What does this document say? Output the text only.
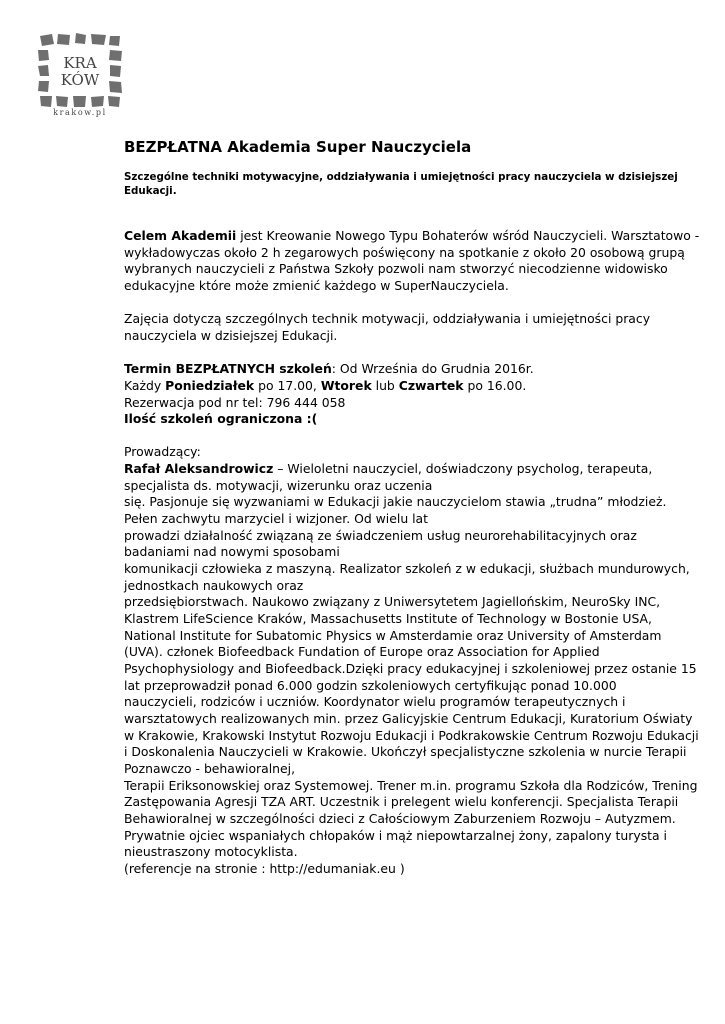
KRA
KÓW
krakow.pl
BEZPŁATNA Akademia Super Nauczyciela

Szczególne techniki motywacyjne, oddziaływania i umiejętności pracy nauczyciela w dzisiejszej Edukacji.

Celem Akademii jest Kreowanie Nowego Typu Bohaterów wśród Nauczycieli. Warsztatowo - wykładowyczas około 2 h zegarowych poświęcony na spotkanie z około 20 osobową grupą wybranych nauczycieli z Państwa Szkoły pozwoli nam stworzyć niecodzienne widowisko edukacyjne które może zmienić każdego w SuperNauczyciela.

Zajęcia dotyczą szczególnych technik motywacji, oddziaływania i umiejętności pracy nauczyciela w dzisiejszej Edukacji.

Termin BEZPŁATNYCH szkoleń: Od Września do Grudnia 2016r.

Każdy Poniedziałek po 17.00, Wtorek lub Czwartek po 16.00.

Rezerwacja pod nr tel: 796 444 058

Ilość szkoleń ograniczona :(

Prowadzący:

Rafał Aleksandrowicz – Wieloletni nauczyciel, doświadczony psycholog, terapeuta, specjalista ds. motywacji, wizerunku oraz uczenia

się. Pasjonuje się wyzwaniami w Edukacji jakie nauczycielom stawia „trudna” młodzież. Pełen zachwytu marzyciel i wizjoner. Od wielu lat

prowadzi działalność związaną ze świadczeniem usług neurorehabilitacyjnych oraz badaniami nad nowymi sposobami

komunikacji człowieka z maszyną. Realizator szkoleń z w edukacji, służbach mundurowych, jednostkach naukowych oraz

przedsiębiorstwach. Naukowo związany z Uniwersytetem Jagiellońskim, NeuroSky INC, Klastrem LifeScience Kraków, Massachusetts Institute of Technology w Bostonie USA, National Institute for Subatomic Physics w Amsterdamie oraz University of Amsterdam (UVA). członek Biofeedback Fundation of Europe oraz Association for Applied Psychophysiology and Biofeedback.Dzięki pracy edukacyjnej i szkoleniowej przez ostanie 15 lat przeprowadził ponad 6.000 godzin szkoleniowych certyfikując ponad 10.000

nauczycieli, rodziców i uczniów. Koordynator wielu programów terapeutycznych i warsztatowych realizowanych min. przez Galicyjskie Centrum Edukacji, Kuratorium Oświaty w Krakowie, Krakowski Instytut Rozwoju Edukacji i Podkrakowskie Centrum Rozwoju Edukacji i Doskonalenia Nauczycieli w Krakowie. Ukończył specjalistyczne szkolenia w nurcie Terapii Poznawczo - behawioralnej,

Terapii Eriksonowskiej oraz Systemowej. Trener m.in. programu Szkoła dla Rodziców, Trening Zastępowania Agresji TZA ART. Uczestnik i prelegent wielu konferencji. Specjalista Terapii Behawioralnej w szczególności dzieci z Całościowym Zaburzeniem Rozwoju – Autyzmem. Prywatnie ojciec wspaniałych chłopaków i mąż niepowtarzalnej żony, zapalony turysta i nieustraszony motocyklista.

(referencje na stronie : http://edumaniak.eu )
